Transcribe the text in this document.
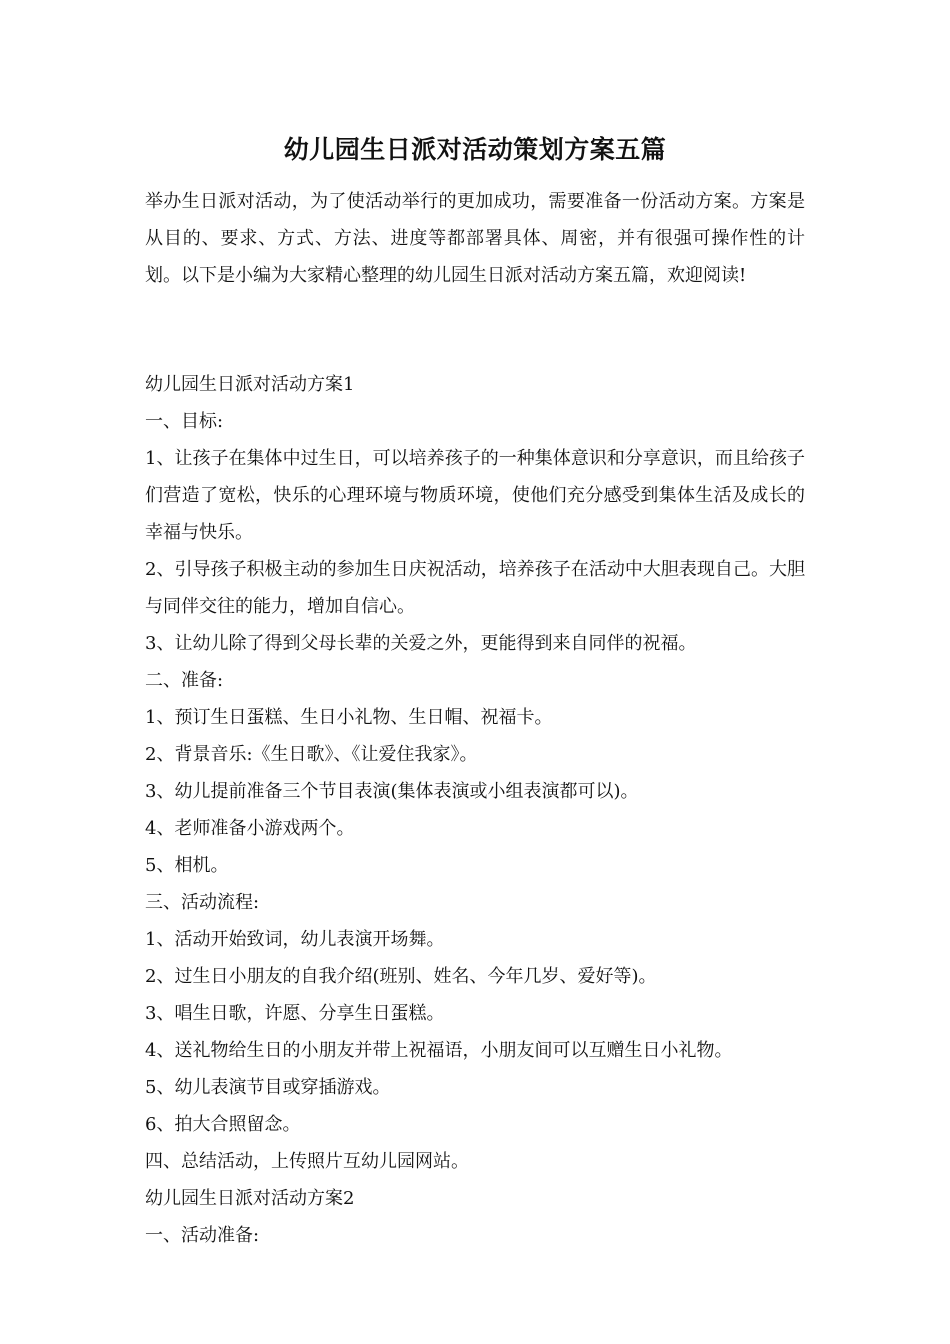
幼儿园生日派对活动策划方案五篇

举办生日派对活动，为了使活动举行的更加成功，需要准备一份活动方案。方案是从目的、要求、方式、方法、进度等都部署具体、周密，并有很强可操作性的计划。以下是小编为大家精心整理的幼儿园生日派对活动方案五篇，欢迎阅读!

幼儿园生日派对活动方案1
一、目标:
1、让孩子在集体中过生日，可以培养孩子的一种集体意识和分享意识，而且给孩子们营造了宽松，快乐的心理环境与物质环境，使他们充分感受到集体生活及成长的幸福与快乐。
2、引导孩子积极主动的参加生日庆祝活动，培养孩子在活动中大胆表现自己。大胆与同伴交往的能力，增加自信心。
3、让幼儿除了得到父母长辈的关爱之外，更能得到来自同伴的祝福。
二、准备:
1、预订生日蛋糕、生日小礼物、生日帽、祝福卡。
2、背景音乐:《生日歌》、《让爱住我家》。
3、幼儿提前准备三个节目表演(集体表演或小组表演都可以)。
4、老师准备小游戏两个。
5、相机。
三、活动流程:
1、活动开始致词，幼儿表演开场舞。
2、过生日小朋友的自我介绍(班别、姓名、今年几岁、爱好等)。
3、唱生日歌，许愿、分享生日蛋糕。
4、送礼物给生日的小朋友并带上祝福语，小朋友间可以互赠生日小礼物。
5、幼儿表演节目或穿插游戏。
6、拍大合照留念。
四、总结活动，上传照片互幼儿园网站。
幼儿园生日派对活动方案2
一、活动准备:
